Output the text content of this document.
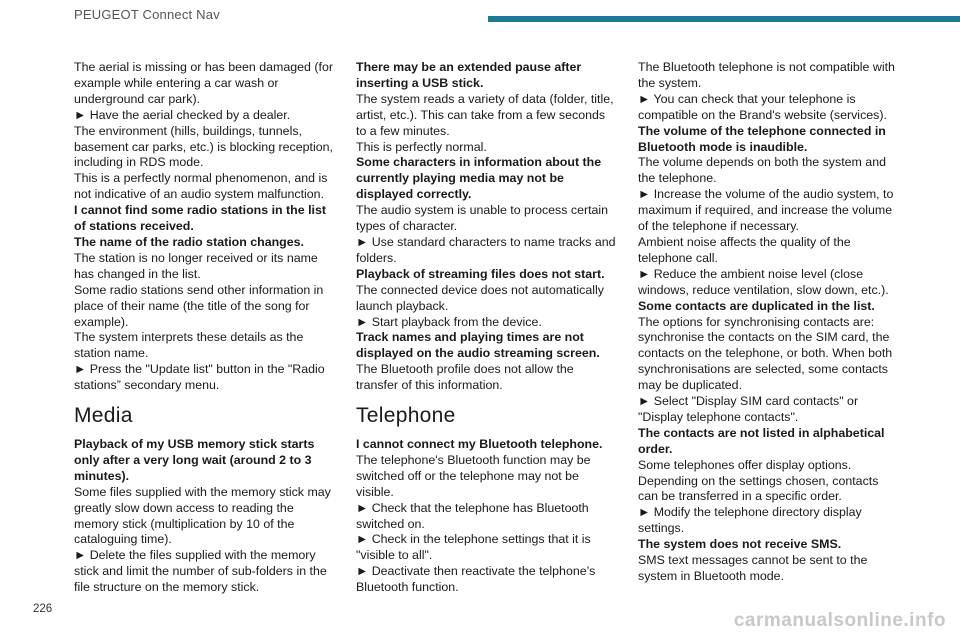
PEUGEOT Connect Nav

The aerial is missing or has been damaged (for example while entering a car wash or underground car park).

► Have the aerial checked by a dealer.

The environment (hills, buildings, tunnels, basement car parks, etc.) is blocking reception, including in RDS mode.

This is a perfectly normal phenomenon, and is not indicative of an audio system malfunction.

I cannot find some radio stations in the list of stations received.

The name of the radio station changes.

The station is no longer received or its name has changed in the list.

Some radio stations send other information in place of their name (the title of the song for example).

The system interprets these details as the station name.

► Press the "Update list" button in the "Radio stations” secondary menu.

Media

Playback of my USB memory stick starts only after a very long wait (around 2 to 3 minutes).

Some files supplied with the memory stick may greatly slow down access to reading the memory stick (multiplication by 10 of the cataloguing time).

► Delete the files supplied with the memory stick and limit the number of sub-folders in the file structure on the memory stick.

There may be an extended pause after inserting a USB stick.

The system reads a variety of data (folder, title, artist, etc.). This can take from a few seconds to a few minutes.

This is perfectly normal.

Some characters in information about the currently playing media may not be displayed correctly.

The audio system is unable to process certain types of character.

► Use standard characters to name tracks and folders.

Playback of streaming files does not start.

The connected device does not automatically launch playback.

► Start playback from the device.

Track names and playing times are not displayed on the audio streaming screen.

The Bluetooth profile does not allow the transfer of this information.

Telephone

I cannot connect my Bluetooth telephone.

The telephone's Bluetooth function may be switched off or the telephone may not be visible.

► Check that the telephone has Bluetooth switched on.

► Check in the telephone settings that it is "visible to all".

► Deactivate then reactivate the telphone’s Bluetooth function.

The Bluetooth telephone is not compatible with the system.

► You can check that your telephone is compatible on the Brand's website (services).

The volume of the telephone connected in Bluetooth mode is inaudible.

The volume depends on both the system and the telephone.

► Increase the volume of the audio system, to maximum if required, and increase the volume of the telephone if necessary.

Ambient noise affects the quality of the telephone call.

► Reduce the ambient noise level (close windows, reduce ventilation, slow down, etc.).

Some contacts are duplicated in the list.

The options for synchronising contacts are: synchronise the contacts on the SIM card, the contacts on the telephone, or both. When both synchronisations are selected, some contacts may be duplicated.

► Select "Display SIM card contacts" or "Display telephone contacts".

The contacts are not listed in alphabetical order.

Some telephones offer display options. Depending on the settings chosen, contacts can be transferred in a specific order.

► Modify the telephone directory display settings.

The system does not receive SMS.

SMS text messages cannot be sent to the system in Bluetooth mode.

226
carmanualsonline.info
